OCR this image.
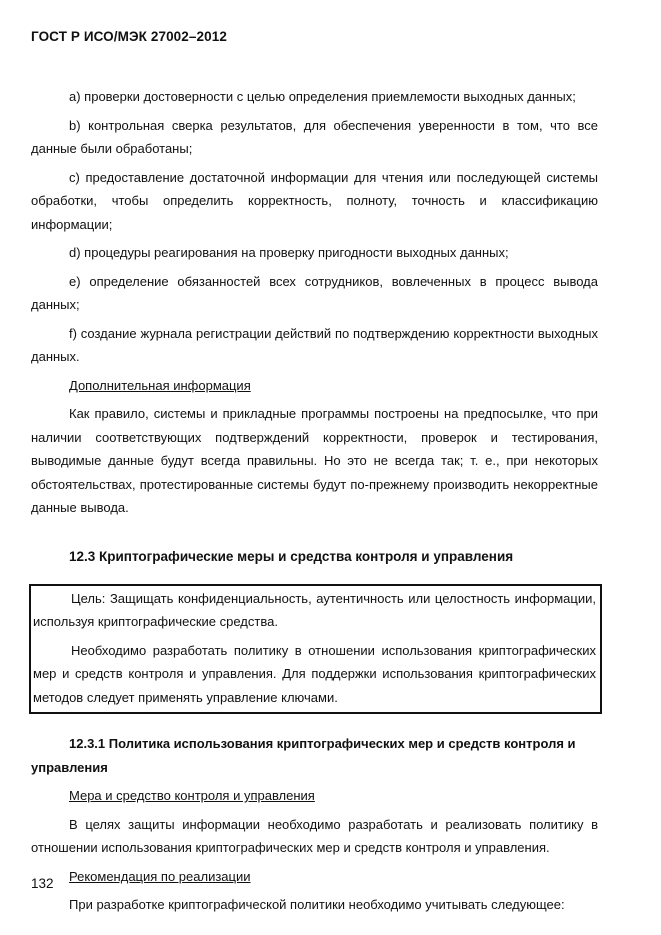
ГОСТ Р ИСО/МЭК 27002–2012

a) проверки достоверности с целью определения приемлемости выходных данных;

b) контрольная сверка результатов, для обеспечения уверенности в том, что все данные были обработаны;

c) предоставление достаточной информации для чтения или последующей системы обработки, чтобы определить корректность, полноту, точность и классификацию информации;

d) процедуры реагирования на проверку пригодности выходных данных;

e) определение обязанностей всех сотрудников, вовлеченных в процесс вывода данных;

f) создание журнала регистрации действий по подтверждению корректности выходных данных.

Дополнительная информация

Как правило, системы и прикладные программы построены на предпосылке, что при наличии соответствующих подтверждений корректности, проверок и тестирования, выводимые данные будут всегда правильны. Но это не всегда так; т. е., при некоторых обстоятельствах, протестированные системы будут по-прежнему производить некорректные данные вывода.

12.3 Криптографические меры и средства контроля и управления

Цель: Защищать конфиденциальность, аутентичность или целостность информации, используя криптографические средства.

Необходимо разработать политику в отношении использования криптографических мер и средств контроля и управления. Для поддержки использования криптографических методов следует применять управление ключами.

12.3.1 Политика использования криптографических мер и средств контроля и управления

Мера и средство контроля и управления

В целях защиты информации необходимо разработать и реализовать политику в отношении использования криптографических мер и средств контроля и управления.

Рекомендация по реализации

При разработке криптографической политики необходимо учитывать следующее:

132
